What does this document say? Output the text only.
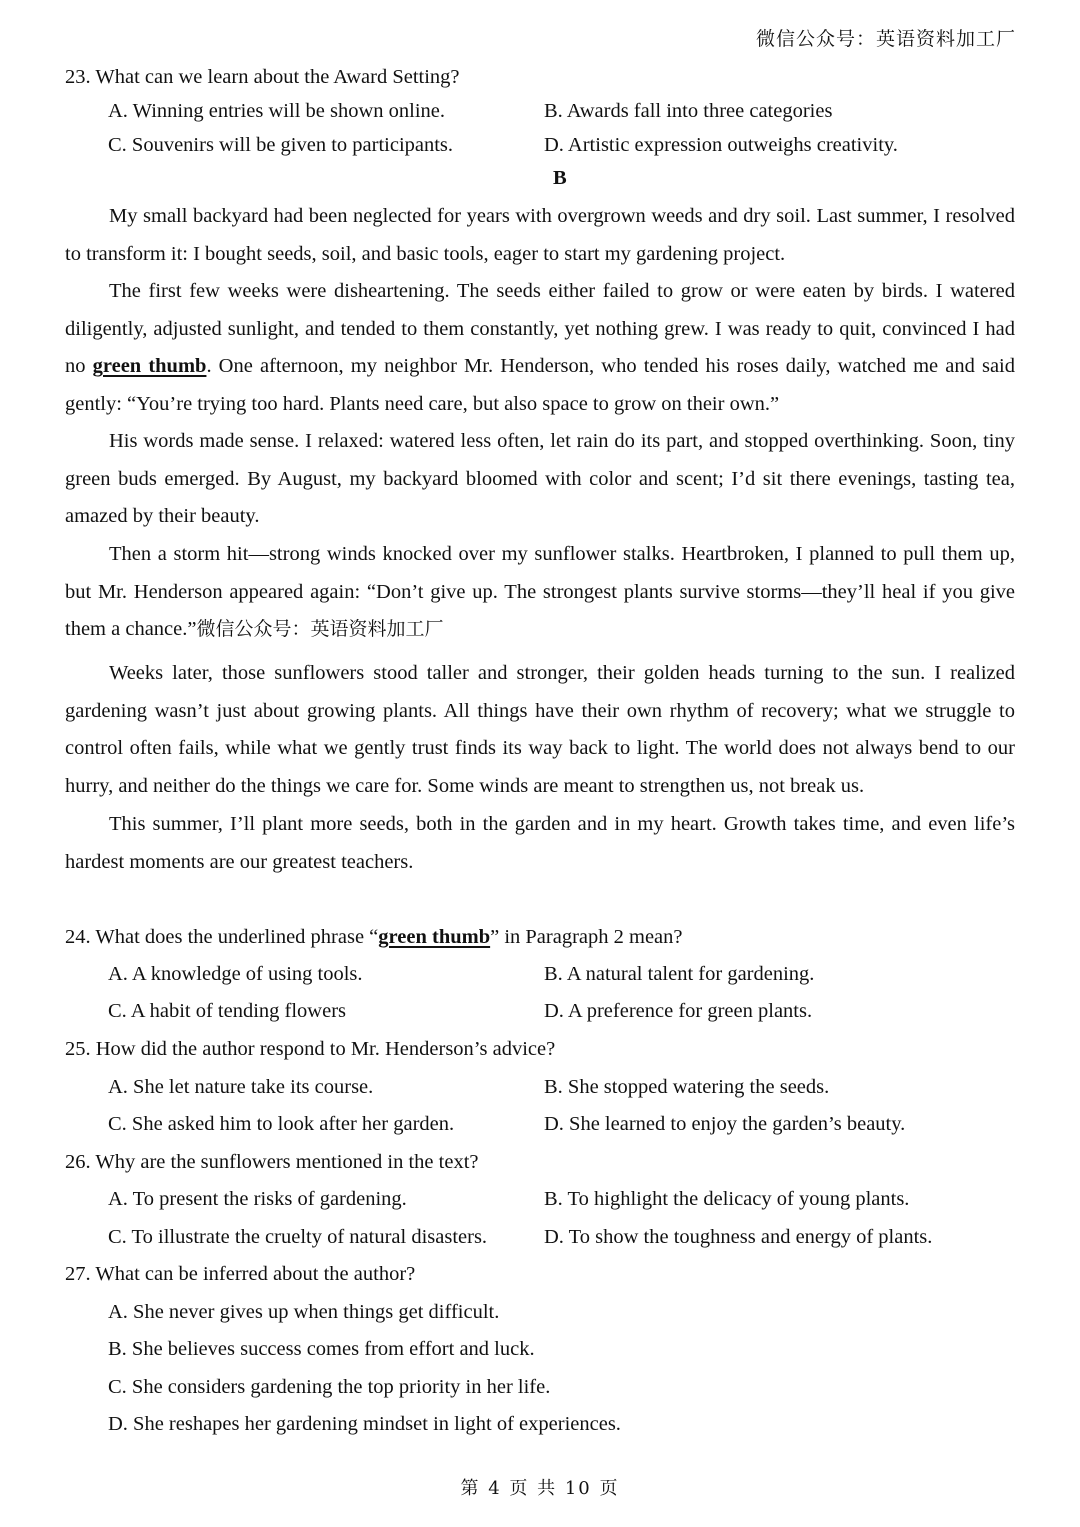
微信公众号：英语资料加工厂
23. What can we learn about the Award Setting?
A. Winning entries will be shown online.	B. Awards fall into three categories
C. Souvenirs will be given to participants.	D. Artistic expression outweighs creativity.
B

My small backyard had been neglected for years with overgrown weeds and dry soil. Last summer, I resolved to transform it: I bought seeds, soil, and basic tools, eager to start my gardening project.

The first few weeks were disheartening. The seeds either failed to grow or were eaten by birds. I watered diligently, adjusted sunlight, and tended to them constantly, yet nothing grew. I was ready to quit, convinced I had no green thumb. One afternoon, my neighbor Mr. Henderson, who tended his roses daily, watched me and said gently: “You’re trying too hard. Plants need care, but also space to grow on their own.”

His words made sense. I relaxed: watered less often, let rain do its part, and stopped overthinking. Soon, tiny green buds emerged. By August, my backyard bloomed with color and scent; I’d sit there evenings, tasting tea, amazed by their beauty.

Then a storm hit—strong winds knocked over my sunflower stalks. Heartbroken, I planned to pull them up, but Mr. Henderson appeared again: “Don’t give up. The strongest plants survive storms—they’ll heal if you give them a chance.”微信公众号：英语资料加工厂

Weeks later, those sunflowers stood taller and stronger, their golden heads turning to the sun. I realized gardening wasn’t just about growing plants. All things have their own rhythm of recovery; what we struggle to control often fails, while what we gently trust finds its way back to light. The world does not always bend to our hurry, and neither do the things we care for. Some winds are meant to strengthen us, not break us.

This summer, I’ll plant more seeds, both in the garden and in my heart. Growth takes time, and even life’s hardest moments are our greatest teachers.

24. What does the underlined phrase “green thumb” in Paragraph 2 mean?
A. A knowledge of using tools.	B. A natural talent for gardening.
C. A habit of tending flowers	D. A preference for green plants.
25. How did the author respond to Mr. Henderson’s advice?
A. She let nature take its course.	B. She stopped watering the seeds.
C. She asked him to look after her garden.	D. She learned to enjoy the garden’s beauty.
26. Why are the sunflowers mentioned in the text?
A. To present the risks of gardening.	B. To highlight the delicacy of young plants.
C. To illustrate the cruelty of natural disasters.	D. To show the toughness and energy of plants.
27. What can be inferred about the author?
A. She never gives up when things get difficult.
B. She believes success comes from effort and luck.
C. She considers gardening the top priority in her life.
D. She reshapes her gardening mindset in light of experiences.
第 4 页 共 10 页
